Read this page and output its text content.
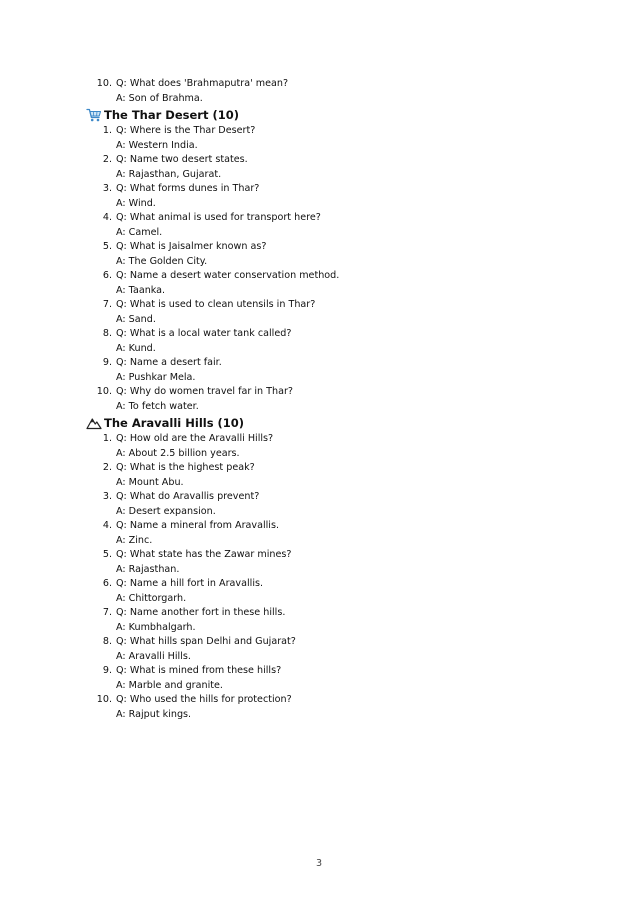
10. Q: What does 'Brahmaputra' mean?
A: Son of Brahma.
The Thar Desert (10)
1. Q: Where is the Thar Desert?
A: Western India.
2. Q: Name two desert states.
A: Rajasthan, Gujarat.
3. Q: What forms dunes in Thar?
A: Wind.
4. Q: What animal is used for transport here?
A: Camel.
5. Q: What is Jaisalmer known as?
A: The Golden City.
6. Q: Name a desert water conservation method.
A: Taanka.
7. Q: What is used to clean utensils in Thar?
A: Sand.
8. Q: What is a local water tank called?
A: Kund.
9. Q: Name a desert fair.
A: Pushkar Mela.
10. Q: Why do women travel far in Thar?
A: To fetch water.
The Aravalli Hills (10)
1. Q: How old are the Aravalli Hills?
A: About 2.5 billion years.
2. Q: What is the highest peak?
A: Mount Abu.
3. Q: What do Aravallis prevent?
A: Desert expansion.
4. Q: Name a mineral from Aravallis.
A: Zinc.
5. Q: What state has the Zawar mines?
A: Rajasthan.
6. Q: Name a hill fort in Aravallis.
A: Chittorgarh.
7. Q: Name another fort in these hills.
A: Kumbhalgarh.
8. Q: What hills span Delhi and Gujarat?
A: Aravalli Hills.
9. Q: What is mined from these hills?
A: Marble and granite.
10. Q: Who used the hills for protection?
A: Rajput kings.
3
